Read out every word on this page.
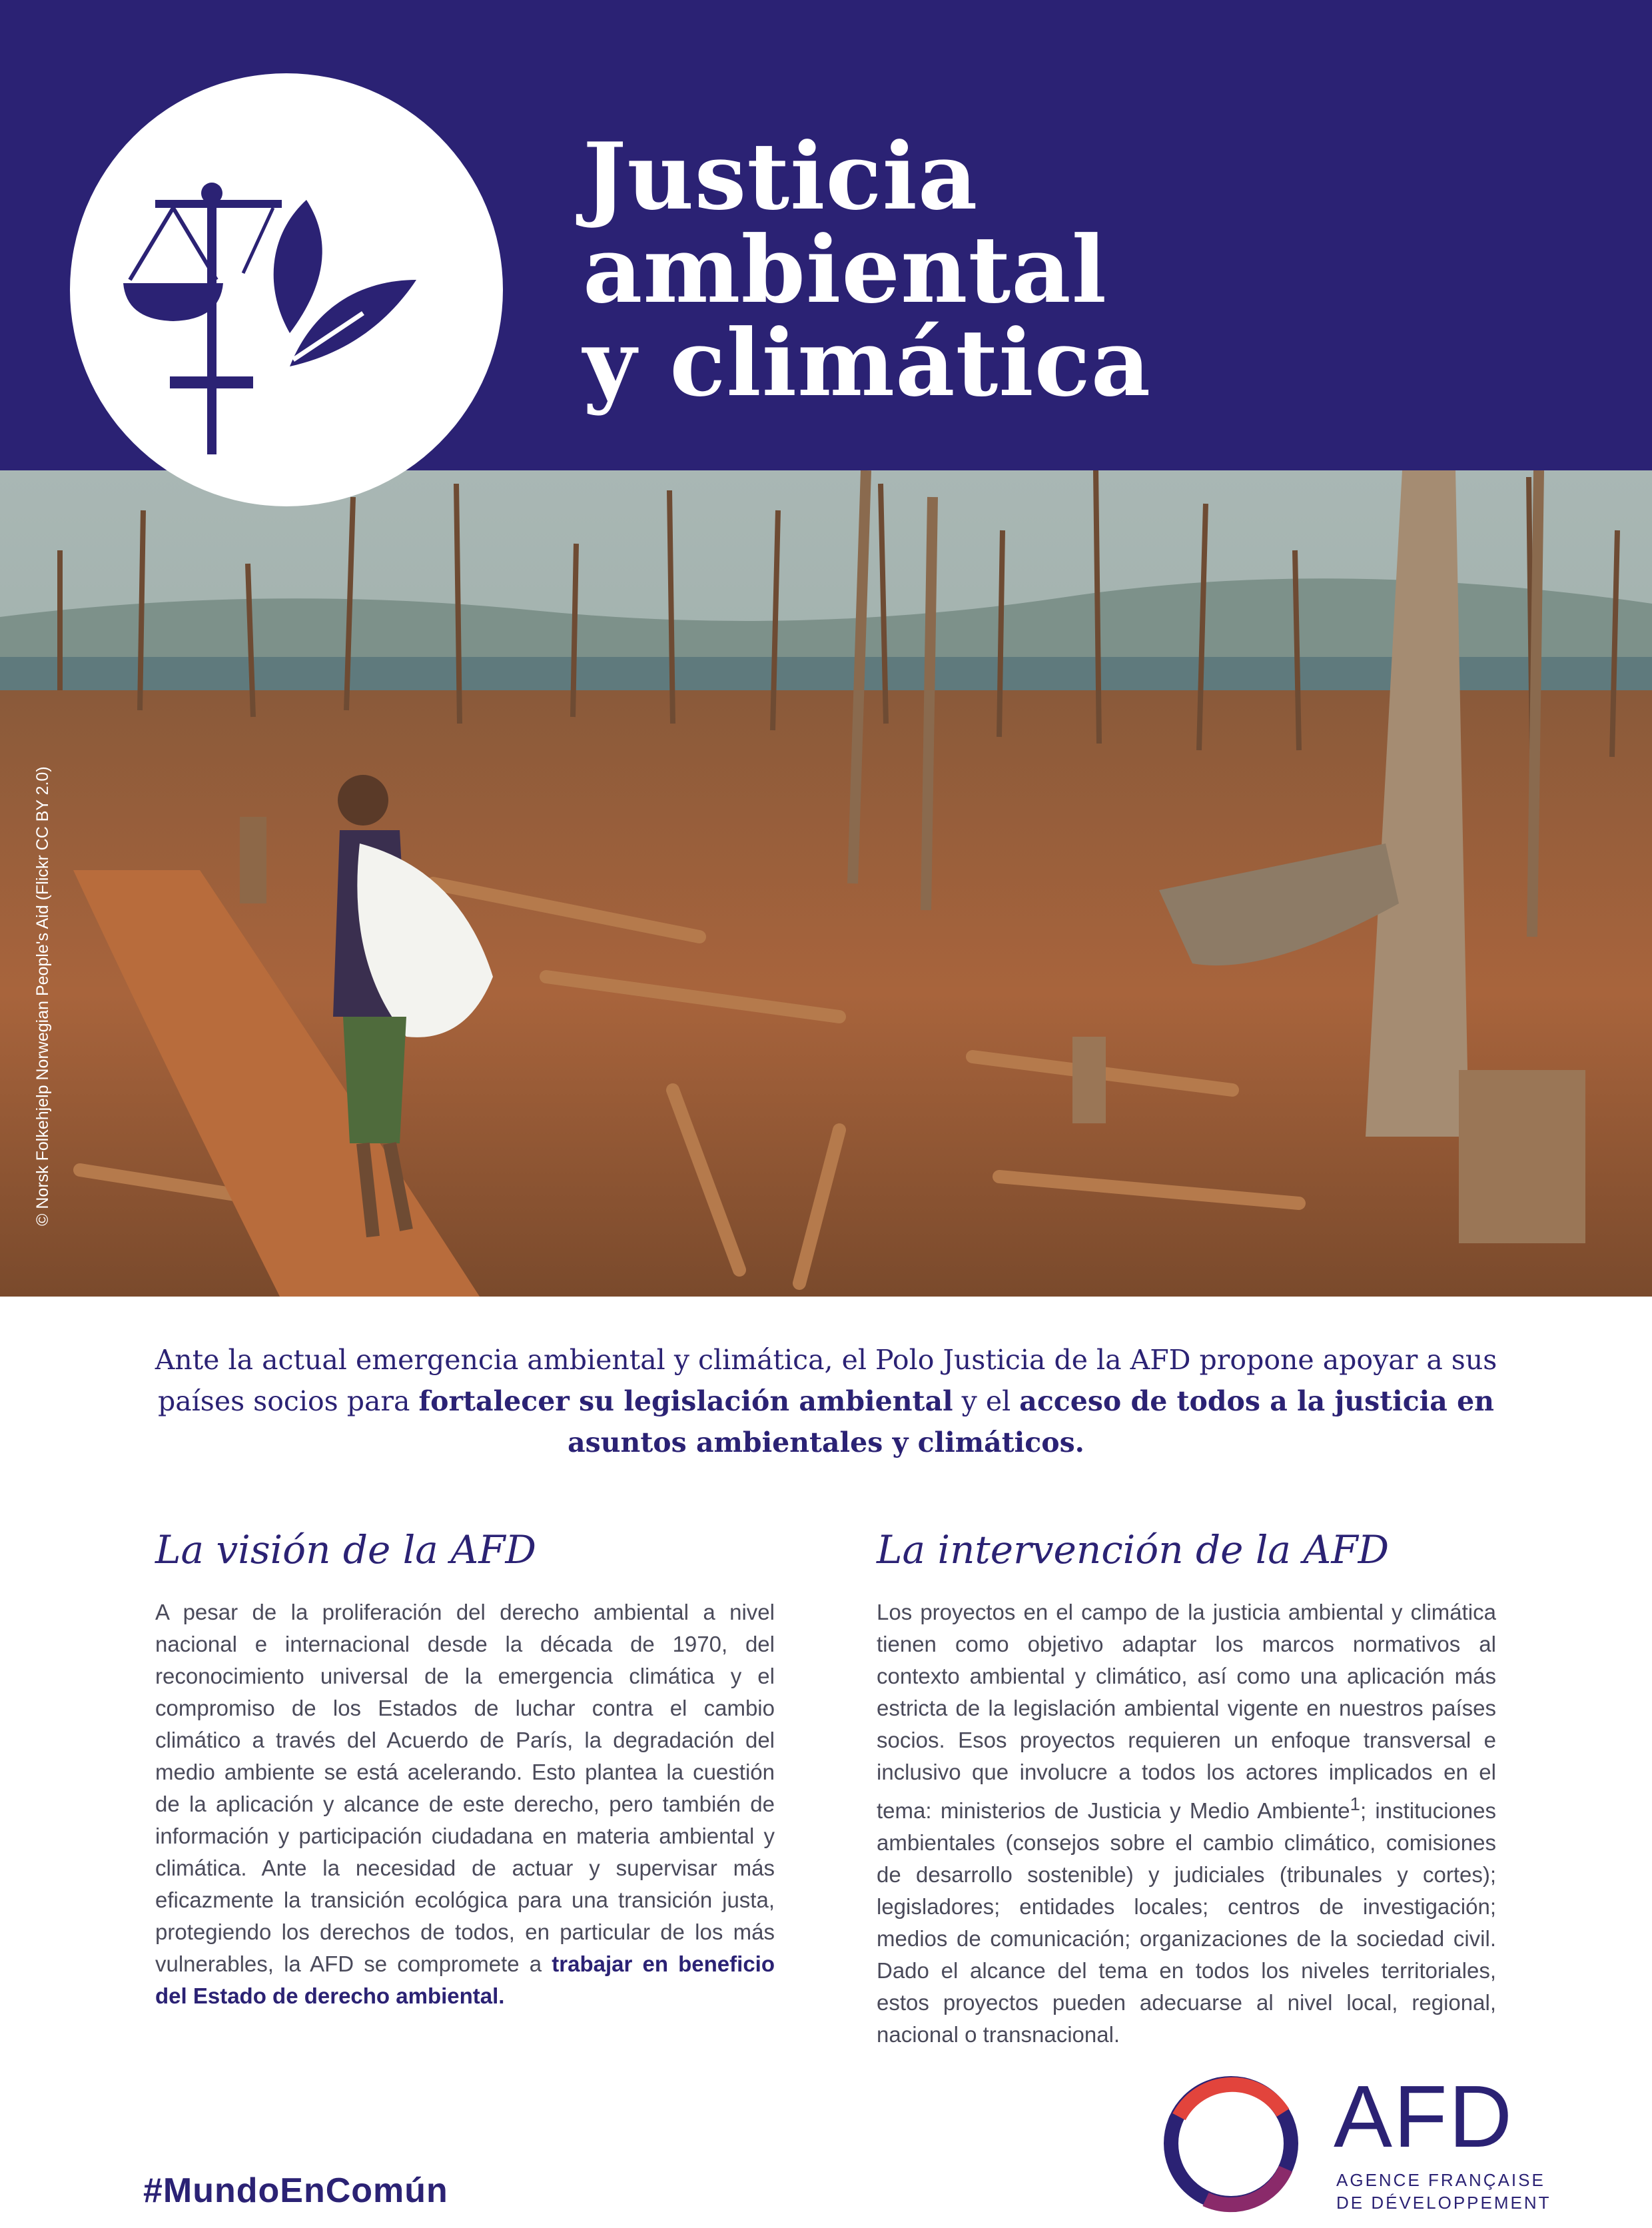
Justicia
ambiental
y climática
© Norsk Folkehjelp Norwegian People's Aid (Flickr CC BY 2.0)

Ante la actual emergencia ambiental y climática, el Polo Justicia de la AFD propone apoyar a sus países socios para fortalecer su legislación ambiental y el acceso de todos a la justicia en asuntos ambientales y climáticos.

La visión de la AFD

A pesar de la proliferación del derecho ambiental a nivel nacional e internacional desde la década de 1970, del reconocimiento universal de la emergencia climática y el compromiso de los Estados de luchar contra el cambio climático a través del Acuerdo de París, la degradación del medio ambiente se está acelerando. Esto plantea la cuestión de la aplicación y alcance de este derecho, pero también de información y participación ciudadana en materia ambiental y climática. Ante la necesidad de actuar y supervisar más eficazmente la transición ecológica para una transición justa, protegiendo los derechos de todos, en particular de los más vulnerables, la AFD se compromete a trabajar en beneficio del Estado de derecho ambiental.

La intervención de la AFD

Los proyectos en el campo de la justicia ambiental y climática tienen como objetivo adaptar los marcos normativos al contexto ambiental y climático, así como una aplicación más estricta de la legislación ambiental vigente en nuestros países socios. Esos proyectos requieren un enfoque transversal e inclusivo que involucre a todos los actores implicados en el tema: ministerios de Justicia y Medio Ambiente$^1$; instituciones ambientales (consejos sobre el cambio climático, comisiones de desarrollo sostenible) y judiciales (tribunales y cortes); legisladores; entidades locales; centros de investigación; medios de comunicación; organizaciones de la sociedad civil. Dado el alcance del tema en todos los niveles territoriales, estos proyectos pueden adecuarse al nivel local, regional, nacional o transnacional.

#MundoEnComún
AFD
AGENCE FRANÇAISE
DE DÉVELOPPEMENT
